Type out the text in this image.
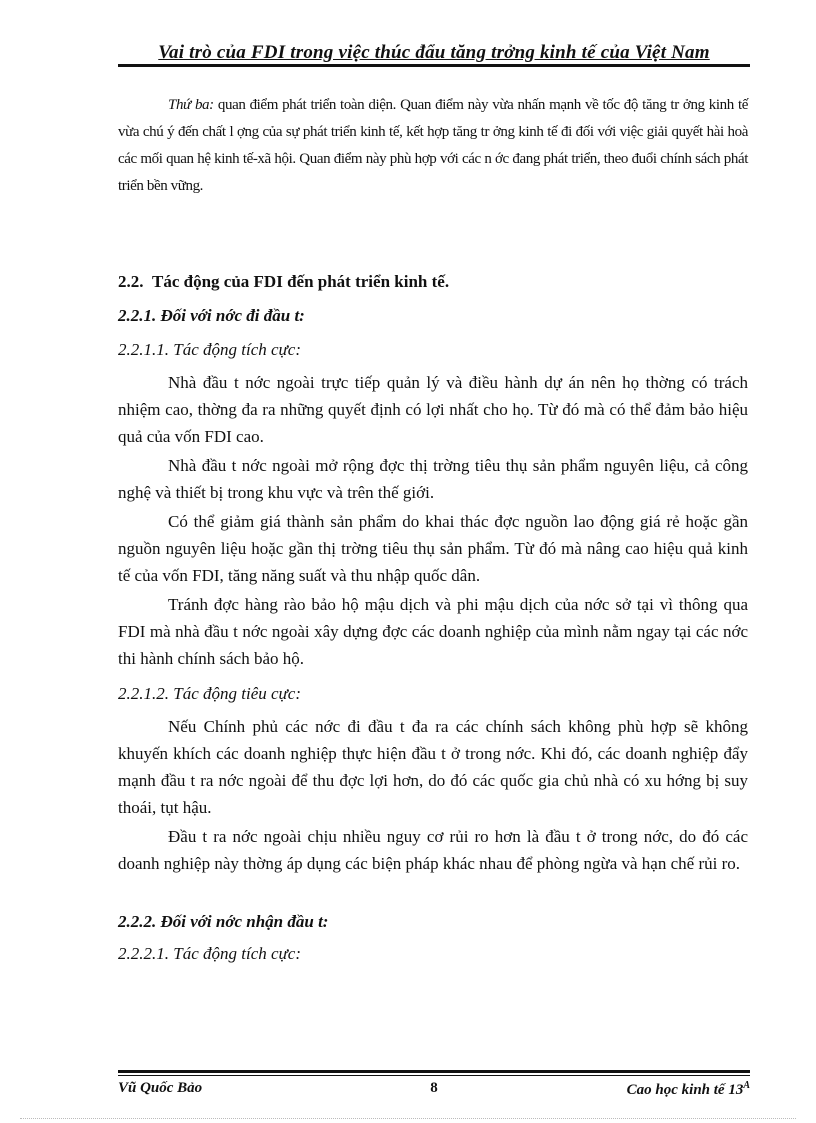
Vai trò của FDI trong việc thúc đẩu tăng trởng kinh tế của Việt Nam

Thứ ba: quan điểm phát triển toàn diện. Quan điểm này vừa nhấn mạnh về tốc độ tăng tr ởng kinh tế vừa chú ý đến chất l ợng của sự phát triển kinh tế, kết hợp tăng tr ởng kinh tế đi đối với việc giải quyết hài hoà các mối quan hệ kinh tế-xã hội. Quan điểm này phù hợp với các n ớc đang phát triển, theo đuổi chính sách phát triển bền vững.

2.2. Tác động của FDI đến phát triển kinh tế.
2.2.1. Đối với nớc đi đầu t:
2.2.1.1. Tác động tích cực:

Nhà đầu t nớc ngoài trực tiếp quản lý và điều hành dự án nên họ thờng có trách nhiệm cao, thờng đa ra những quyết định có lợi nhất cho họ. Từ đó mà có thể đảm bảo hiệu quả của vốn FDI cao.

Nhà đầu t nớc ngoài mở rộng đợc thị trờng tiêu thụ sản phẩm nguyên liệu, cả công nghệ và thiết bị trong khu vực và trên thế giới.

Có thể giảm giá thành sản phẩm do khai thác đợc nguồn lao động giá rẻ hoặc gần nguồn nguyên liệu hoặc gần thị trờng tiêu thụ sản phẩm. Từ đó mà nâng cao hiệu quả kinh tế của vốn FDI, tăng năng suất và thu nhập quốc dân.

Tránh đợc hàng rào bảo hộ mậu dịch và phi mậu dịch của nớc sở tại vì thông qua FDI mà nhà đầu t nớc ngoài xây dựng đợc các doanh nghiệp của mình nằm ngay tại các nớc thi hành chính sách bảo hộ.

2.2.1.2. Tác động tiêu cực:

Nếu Chính phủ các nớc đi đầu t đa ra các chính sách không phù hợp sẽ không khuyến khích các doanh nghiệp thực hiện đầu t ở trong nớc. Khi đó, các doanh nghiệp đẩy mạnh đầu t ra nớc ngoài để thu đợc lợi hơn, do đó các quốc gia chủ nhà có xu hớng bị suy thoái, tụt hậu.

Đầu t ra nớc ngoài chịu nhiều nguy cơ rủi ro hơn là đầu t ở trong nớc, do đó các doanh nghiệp này thờng áp dụng các biện pháp khác nhau để phòng ngừa và hạn chế rủi ro.

2.2.2. Đối với nớc nhận đầu t:
2.2.2.1. Tác động tích cực:
Vũ Quốc Bảo	8	Cao học kinh tế $13^A$
